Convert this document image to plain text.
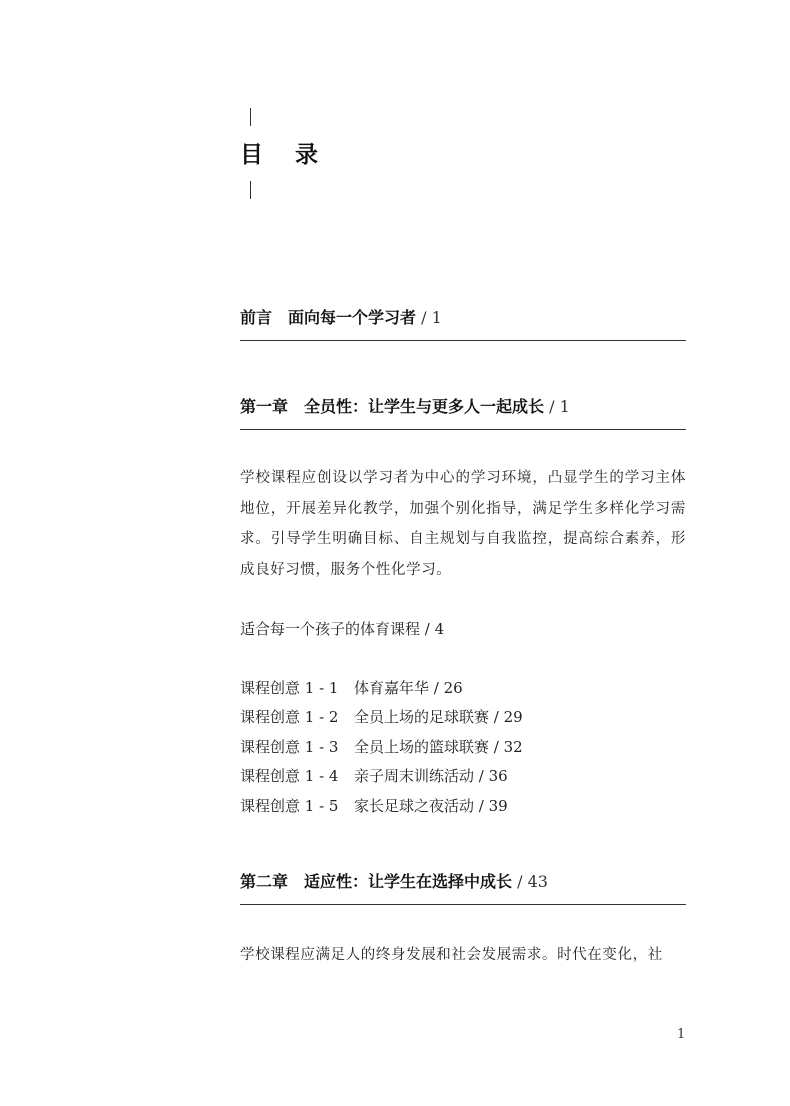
目 录
前言 面向每一个学习者 / 1
第一章 全员性：让学生与更多人一起成长 / 1

学校课程应创设以学习者为中心的学习环境，凸显学生的学习主体地位，开展差异化教学，加强个别化指导，满足学生多样化学习需求。引导学生明确目标、自主规划与自我监控，提高综合素养，形成良好习惯，服务个性化学习。

适合每一个孩子的体育课程 / 4
课程创意 1 - 1 体育嘉年华 / 26
课程创意 1 - 2 全员上场的足球联赛 / 29
课程创意 1 - 3 全员上场的篮球联赛 / 32
课程创意 1 - 4 亲子周末训练活动 / 36
课程创意 1 - 5 家长足球之夜活动 / 39
第二章 适应性：让学生在选择中成长 / 43

学校课程应满足人的终身发展和社会发展需求。时代在变化，社

1
